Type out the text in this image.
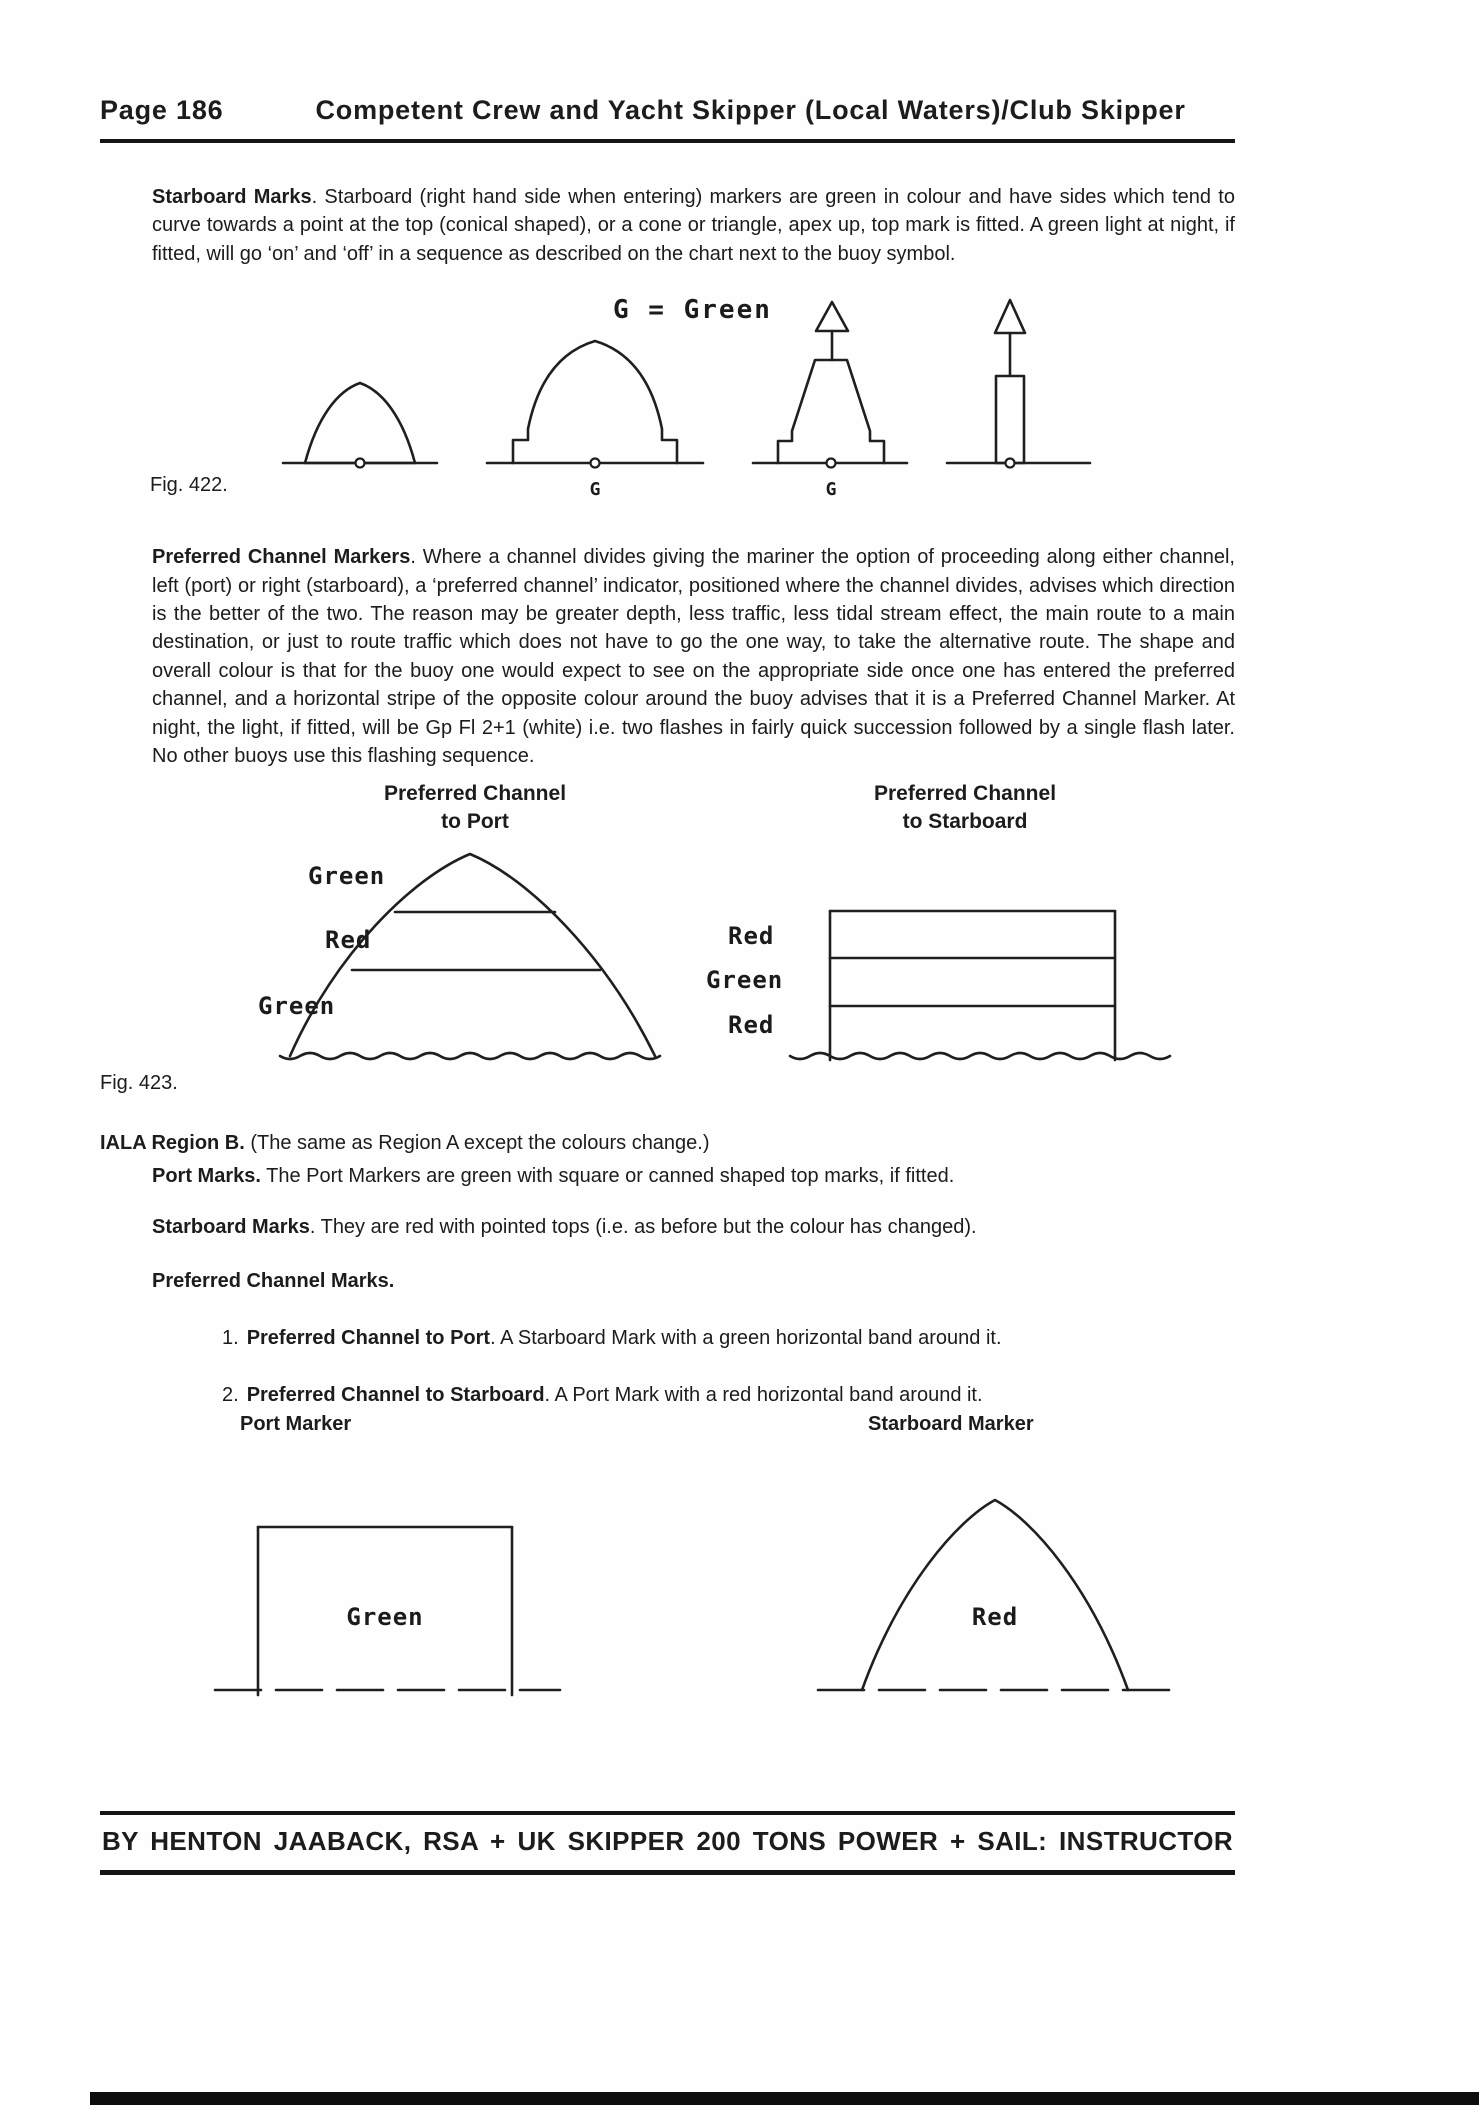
Page 186	Competent Crew and Yacht Skipper (Local Waters)/Club Skipper

Starboard Marks. Starboard (right hand side when entering) markers are green in colour and have sides which tend to curve towards a point at the top (conical shaped), or a cone or triangle, apex up, top mark is fitted. A green light at night, if fitted, will go ‘on’ and ‘off’ in a sequence as described on the chart next to the buoy symbol.

G = Green
G	G
Fig. 422.

Preferred Channel Markers. Where a channel divides giving the mariner the option of proceeding along either channel, left (port) or right (starboard), a ‘preferred channel’ indicator, positioned where the channel divides, advises which direction is the better of the two. The reason may be greater depth, less traffic, less tidal stream effect, the main route to a main destination, or just to route traffic which does not have to go the one way, to take the alternative route. The shape and overall colour is that for the buoy one would expect to see on the appropriate side once one has entered the preferred channel, and a horizontal stripe of the opposite colour around the buoy advises that it is a Preferred Channel Marker. At night, the light, if fitted, will be Gp Fl 2+1 (white) i.e. two flashes in fairly quick succession followed by a single flash later. No other buoys use this flashing sequence.

Preferred Channel
to Port
Preferred Channel
to Starboard
Green
Red
Green
Red
Green
Red
Fig. 423.
IALA Region B. (The same as Region A except the colours change.)
Port Marks. The Port Markers are green with square or canned shaped top marks, if fitted.
Starboard Marks. They are red with pointed tops (i.e. as before but the colour has changed).
Preferred Channel Marks.
1. Preferred Channel to Port. A Starboard Mark with a green horizontal band around it.
2. Preferred Channel to Starboard. A Port Mark with a red horizontal band around it.
Port Marker	Starboard Marker
Green	Red
BY HENTON JAABACK, RSA + UK SKIPPER 200 TONS POWER + SAIL: INSTRUCTOR
